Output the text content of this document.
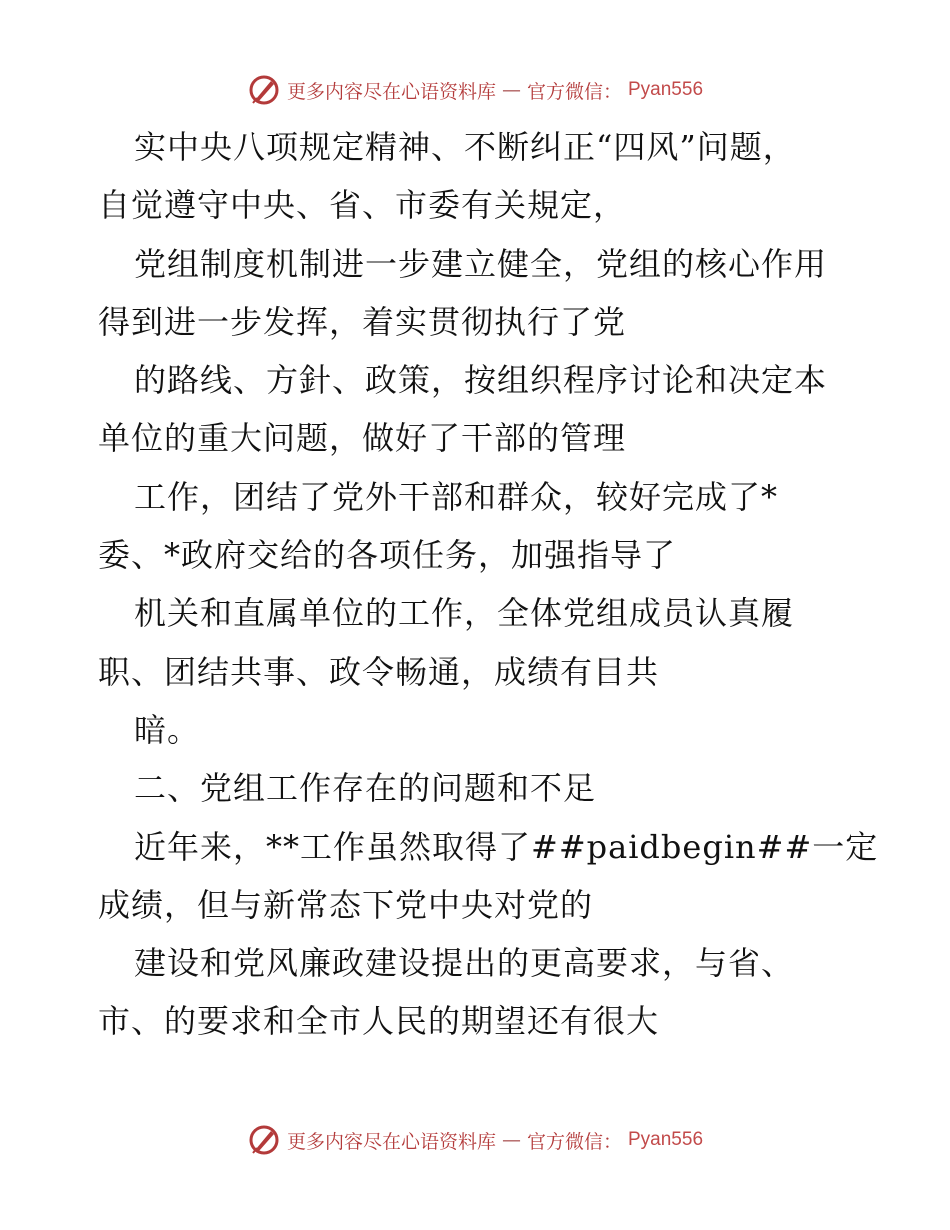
更多内容尽在心语资料库 — 官方微信： Pyan556
实中央八项规定精神、不断纠正“四风”问题，
自觉遵守中央、省、市委有关規定，
党组制度机制进一步建立健全，党组的核心作用
得到进一步发挥，着实贯彻执行了党
的路线、方針、政策，按组织程序讨论和决定本
单位的重大问题，做好了干部的管理
工作，团结了党外干部和群众，较好完成了*
委、*政府交给的各项任务，加强指导了
机关和直属单位的工作，全体党组成员认真履
职、团结共事、政令畅通，成绩有目共
暗。
二、党组工作存在的问题和不足
近年来，**工作虽然取得了##paidbegin##一定
成绩，但与新常态下党中央对党的
建设和党风廉政建设提出的更高要求，与省、
市、的要求和全市人民的期望还有很大
更多内容尽在心语资料库 — 官方微信： Pyan556
